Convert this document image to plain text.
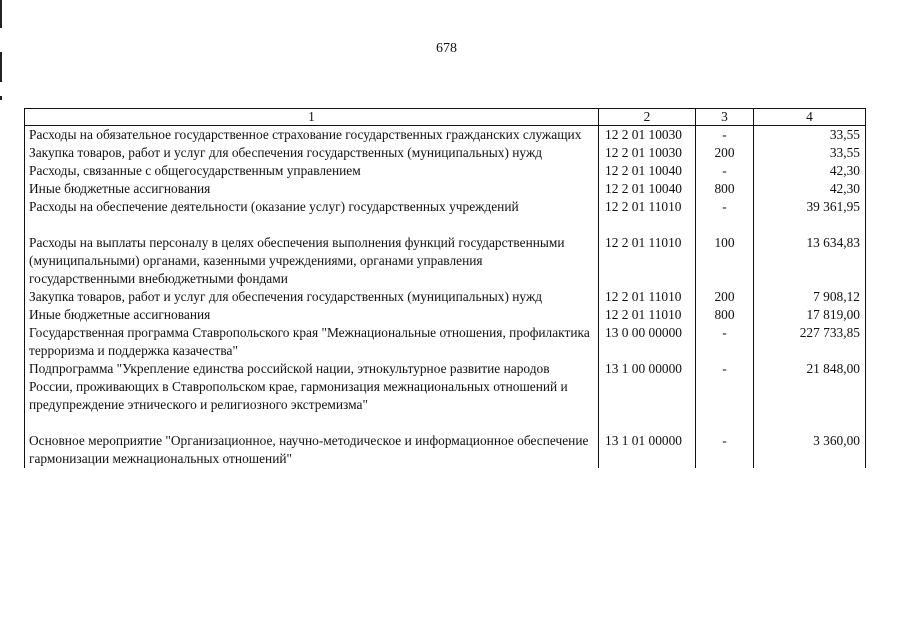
678
1	2	3	4
Расходы на обязательное государственное страхование государственных гражданских служащих	12 2 01 10030	-	33,55
Закупка товаров, работ и услуг для обеспечения государственных (муниципальных) нужд	12 2 01 10030	200	33,55
Расходы, связанные с общегосударственным управлением	12 2 01 10040	-	42,30
Иные бюджетные ассигнования	12 2 01 10040	800	42,30
Расходы на обеспечение деятельности (оказание услуг) государственных учреждений	12 2 01 11010	-	39 361,95
Расходы на выплаты персоналу в целях обеспечения выполнения функций государственными (муниципальными) органами, казенными учреждениями, органами управления государственными внебюджетными фондами	12 2 01 11010	100	13 634,83
Закупка товаров, работ и услуг для обеспечения государственных (муниципальных) нужд	12 2 01 11010	200	7 908,12
Иные бюджетные ассигнования	12 2 01 11010	800	17 819,00
Государственная программа Ставропольского края "Межнациональные отношения, профилактика терроризма и поддержка казачества"	13 0 00 00000	-	227 733,85
Подпрограмма "Укрепление единства российской нации, этнокультурное развитие народов России, проживающих в Ставропольском крае, гармонизация межнациональных отношений и предупреждение этнического и религиозного экстремизма"	13 1 00 00000	-	21 848,00
Основное мероприятие "Организационное, научно-методическое и информационное обеспечение гармонизации межнациональных отношений"	13 1 01 00000	-	3 360,00
